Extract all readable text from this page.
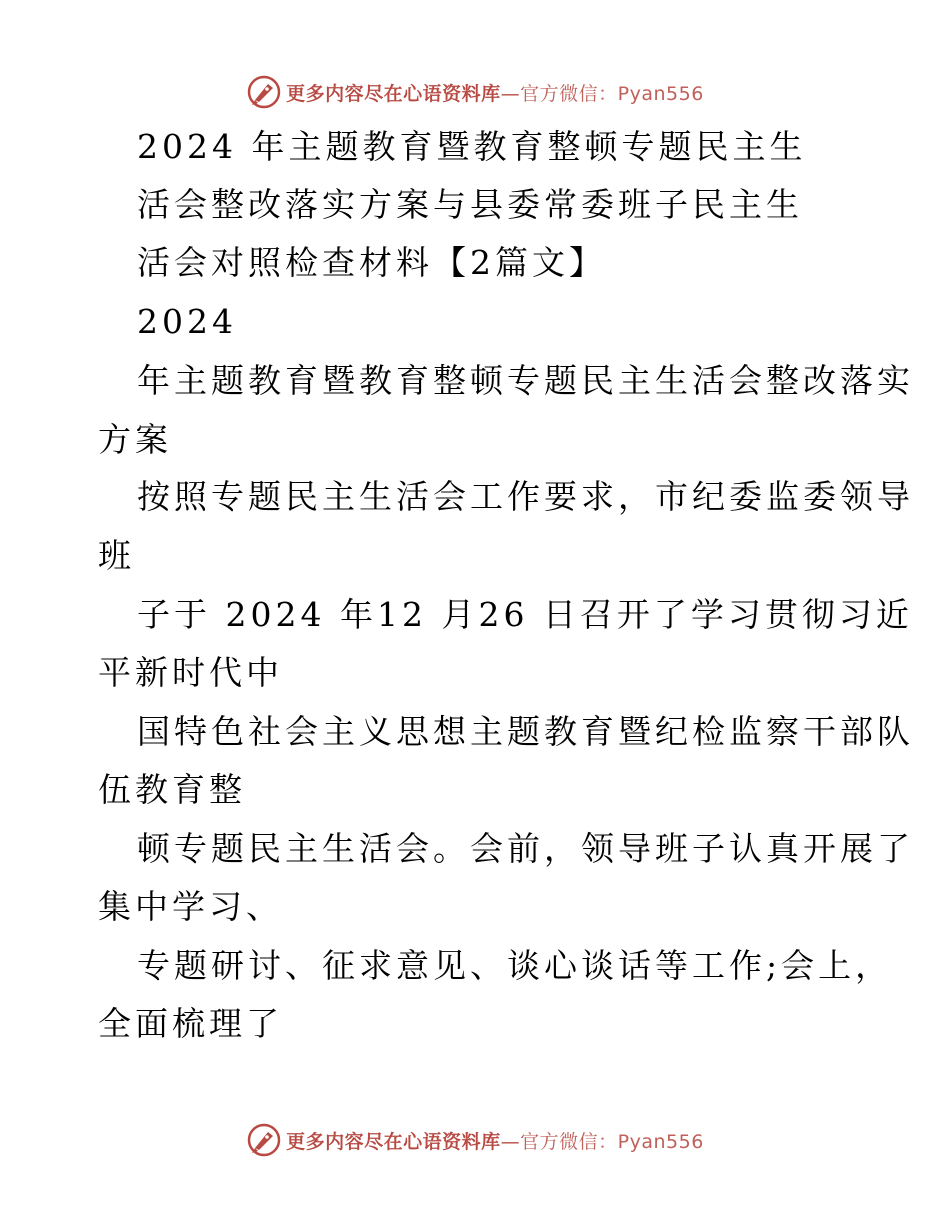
更多内容尽在心语资料库—官方微信：Pyan556
2024 年主题教育暨教育整顿专题民主生
活会整改落实方案与县委常委班子民主生
活会对照检查材料【2篇文】
2024
年主题教育暨教育整顿专题民主生活会整改落实
方案
按照专题民主生活会工作要求，市纪委监委领导
班
子于 2024 年12 月26 日召开了学习贯彻习近
平新时代中
国特色社会主义思想主题教育暨纪检监察干部队
伍教育整
顿专题民主生活会。会前，领导班子认真开展了
集中学习、
专题研讨、征求意见、谈心谈话等工作;会上，
全面梳理了
更多内容尽在心语资料库—官方微信：Pyan556
